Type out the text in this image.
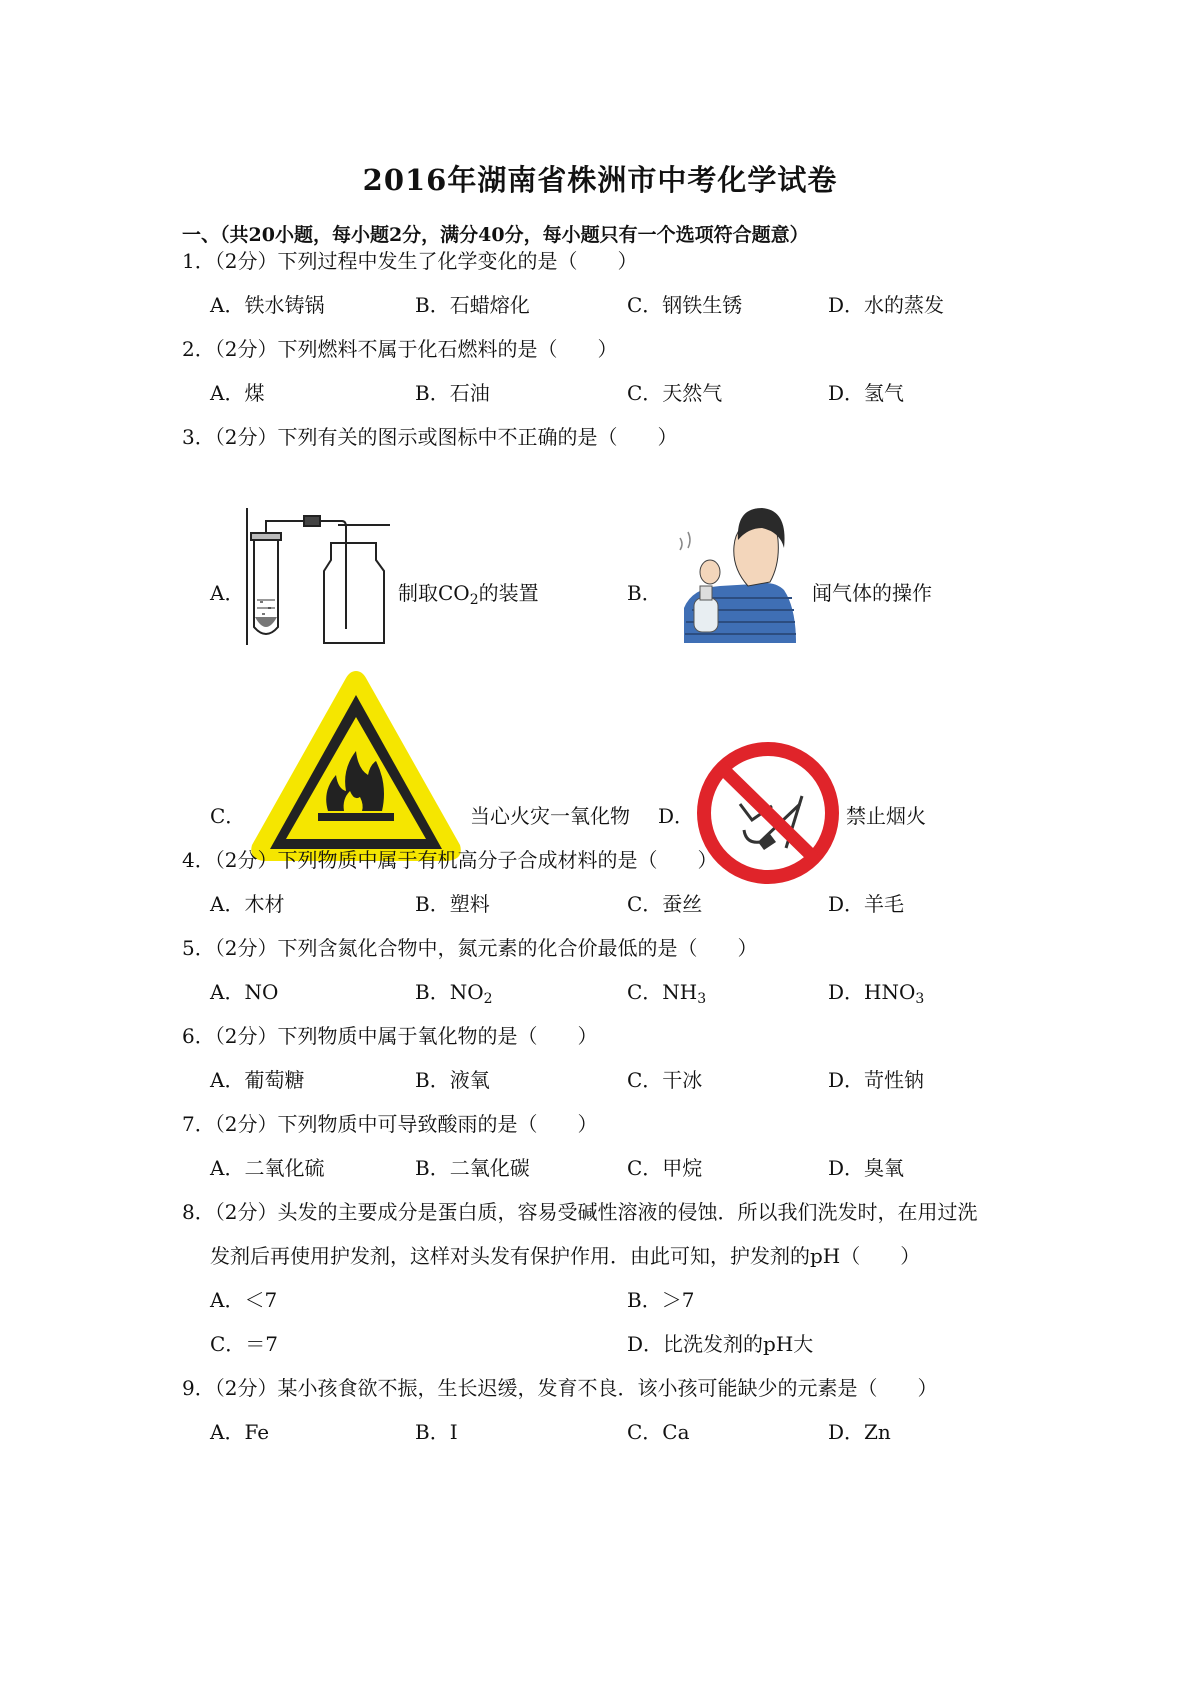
2016年湖南省株洲市中考化学试卷
一、（共20小题，每小题2分，满分40分，每小题只有一个选项符合题意）
1．（2分）下列过程中发生了化学变化的是（　　）
A．铁水铸锅	B．石蜡熔化	C．钢铁生锈	D．水的蒸发
2．（2分）下列燃料不属于化石燃料的是（　　）
A．煤	B．石油	C．天然气	D．氢气
3．（2分）下列有关的图示或图标中不正确的是（　　）
A．	制取$CO_2$的装置	B．	闻气体的操作
C．	当心火灾一氧化物 D．	禁止烟火
4．（2分）下列物质中属于有机高分子合成材料的是（　　）
A．木材	B．塑料	C．蚕丝	D．羊毛
5．（2分）下列含氮化合物中，氮元素的化合价最低的是（　　）
A．NO	B．$NO_2$	C．$NH_3$	D．$HNO_3$
6．（2分）下列物质中属于氧化物的是（　　）
A．葡萄糖	B．液氧	C．干冰	D．苛性钠
7．（2分）下列物质中可导致酸雨的是（　　）
A．二氧化硫	B．二氧化碳	C．甲烷	D．臭氧
8．（2分）头发的主要成分是蛋白质，容易受碱性溶液的侵蚀．所以我们洗发时，在用过洗
发剂后再使用护发剂，这样对头发有保护作用．由此可知，护发剂的pH（　　）
A．＜7	B．＞7
C．＝7	D．比洗发剂的pH大
9．（2分）某小孩食欲不振，生长迟缓，发育不良．该小孩可能缺少的元素是（　　）
A．Fe	B．I	C．Ca	D．Zn
